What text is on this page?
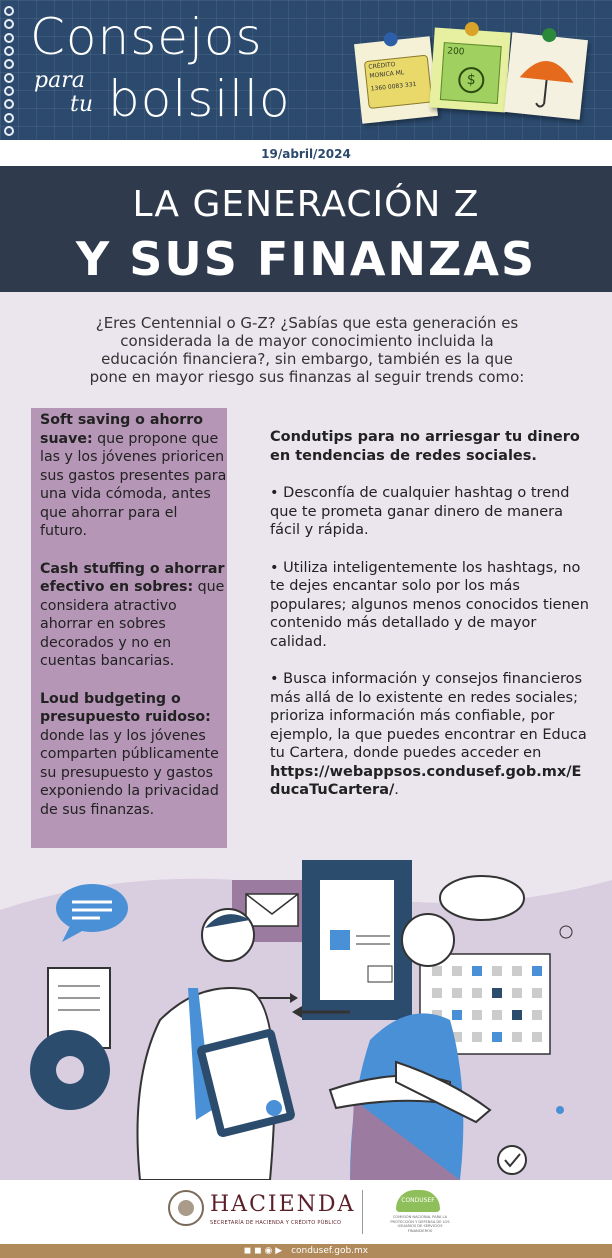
Consejos
para
tu bolsillo
CRÉDITO
MONICA ML
1360 0083 331
200
$
19/abril/2024
LA GENERACIÓN Z
Y SUS FINANZAS
¿Eres Centennial o G-Z? ¿Sabías que esta generación es considerada la de mayor conocimiento incluida la educación financiera?, sin embargo, también es la que pone en mayor riesgo sus finanzas al seguir trends como:

Soft saving o ahorro suave: que propone que las y los jóvenes prioricen sus gastos presentes para una vida cómoda, antes que ahorrar para el futuro.

Cash stuffing o ahorrar efectivo en sobres: que considera atractivo ahorrar en sobres decorados y no en cuentas bancarias.

Loud budgeting o presupuesto ruidoso: donde las y los jóvenes comparten públicamente su presupuesto y gastos exponiendo la privacidad de sus finanzas.

Condutips para no arriesgar tu dinero en tendencias de redes sociales.

• Desconfía de cualquier hashtag o trend que te prometa ganar dinero de manera fácil y rápida.

• Utiliza inteligentemente los hashtags, no te dejes encantar solo por los más populares; algunos menos conocidos tienen contenido más detallado y de mayor calidad.

• Busca información y consejos financieros más allá de lo existente en redes sociales; prioriza información más confiable, por ejemplo, la que puedes encontrar en Educa tu Cartera, donde puedes acceder en https://webappsos.condusef.gob.mx/E
ducaTuCartera/.

HACIENDA
SECRETARÍA DE HACIENDA Y CRÉDITO PÚBLICO
CONDUSEF
COMISIÓN NACIONAL PARA LA PROTECCIÓN Y DEFENSA DE LOS USUARIOS DE SERVICIOS FINANCIEROS
◼ ◼ ◉ ▶ condusef.gob.mx
